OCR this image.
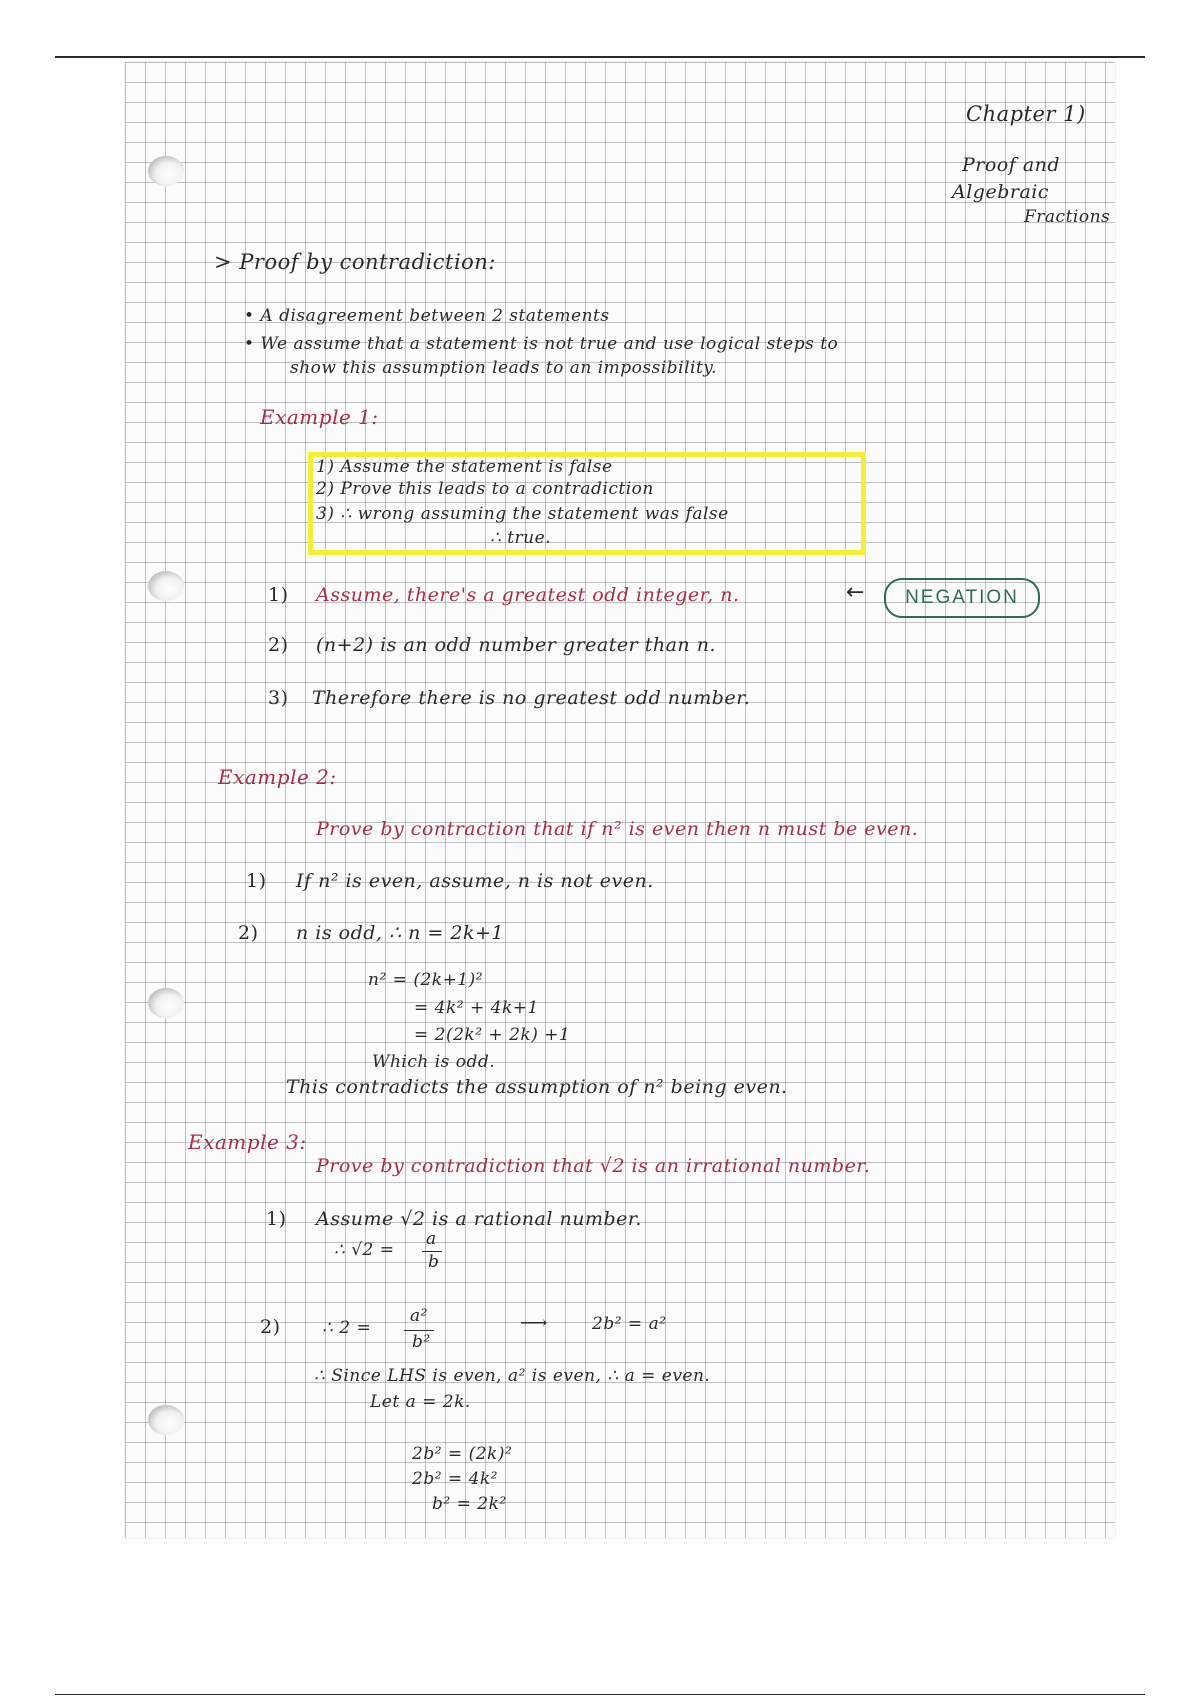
Chapter 1)
Proof and
Algebraic
Fractions
> Proof by contradiction:
• A disagreement between 2 statements
• We assume that a statement is not true and use logical steps to
show this assumption leads to an impossibility.
Example 1:
1) Assume the statement is false
2) Prove this leads to a contradiction
3) ∴ wrong assuming the statement was false
∴ true.
1) Assume, there's a greatest odd integer, n.	← NEGATION
2) (n+2) is an odd number greater than n.
3) Therefore there is no greatest odd number.
Example 2:
Prove by contraction that if n² is even then n must be even.
1) If n² is even, assume, n is not even.
2) n is odd, ∴ n = 2k+1
n² = (2k+1)²
= 4k² + 4k+1
= 2(2k² + 2k) +1
Which is odd.
This contradicts the assumption of n² being even.
Example 3:
Prove by contradiction that √2 is an irrational number.
1) Assume √2 is a rational number.
∴ √2 =
a
b
2) ∴ 2 =
a²
b²
⟶	2b² = a²
∴ Since LHS is even, a² is even, ∴ a = even.
Let a = 2k.
2b² = (2k)²
2b² = 4k²
b² = 2k²
